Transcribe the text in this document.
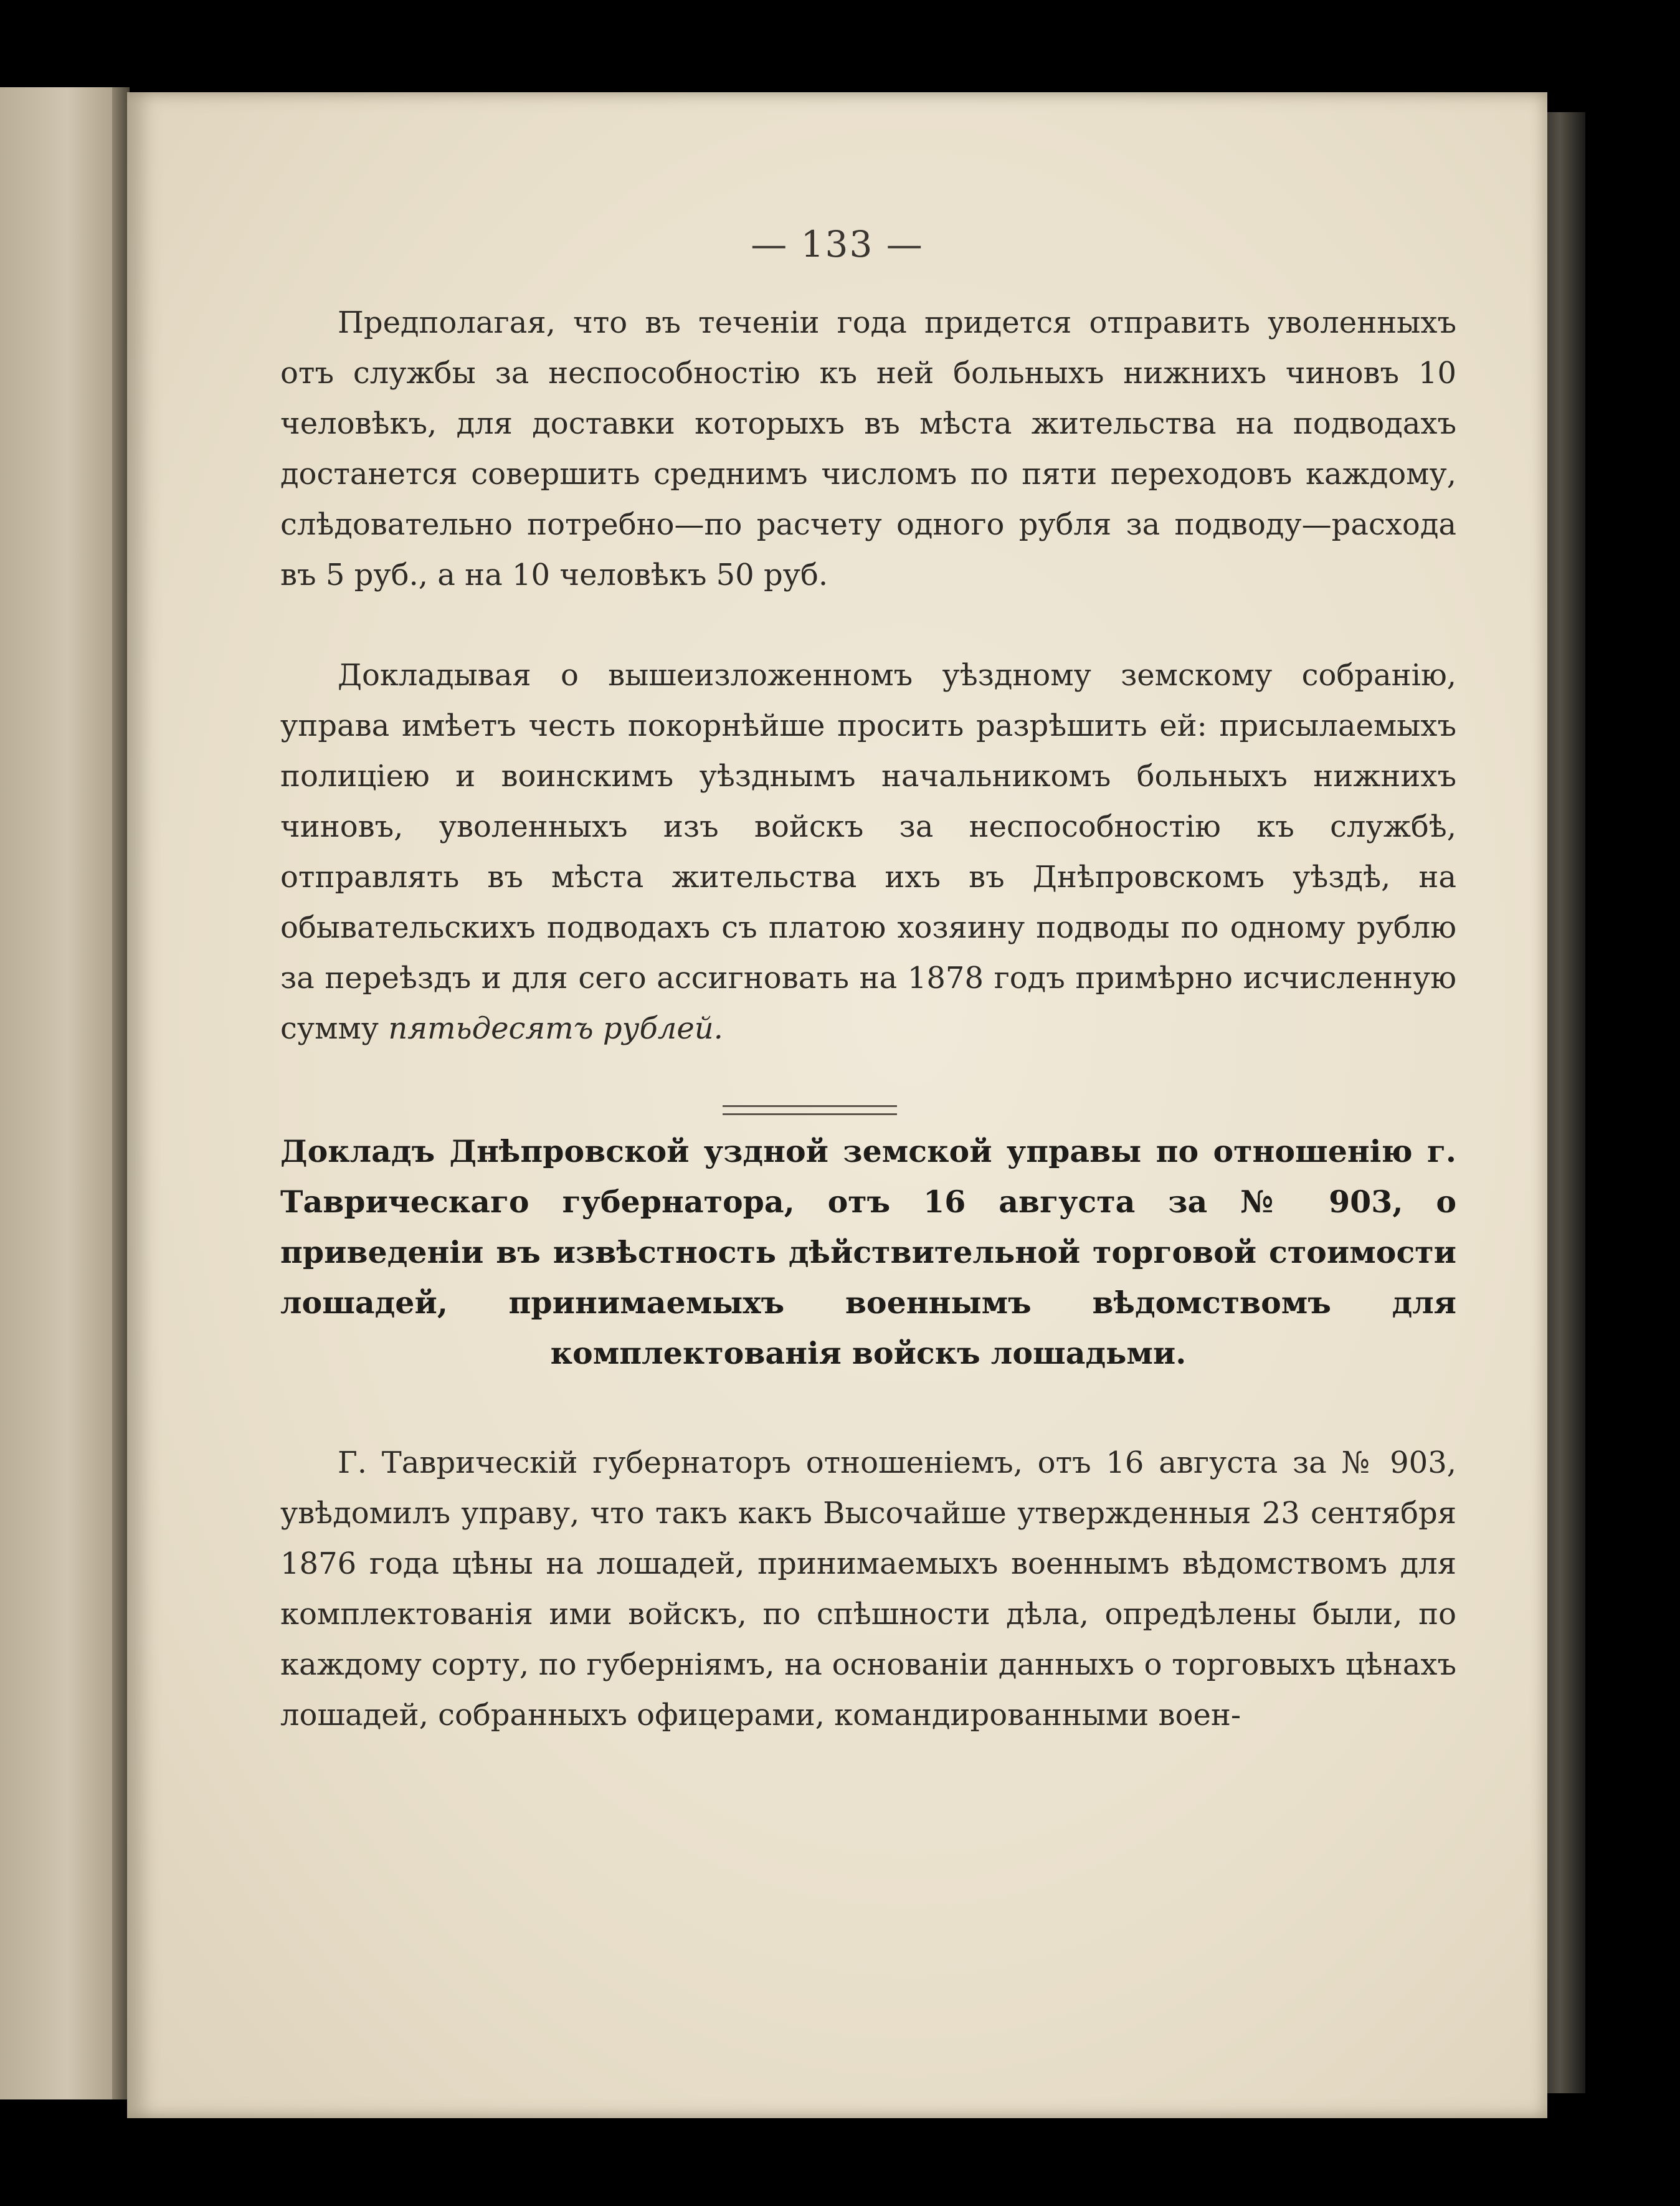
— 133 —
Предполагая, что въ теченіи года придется отправить уволенныхъ отъ службы за неспособностію къ ней больныхъ нижнихъ чиновъ 10 человѣкъ, для доставки которыхъ въ мѣста жительства на подводахъ достанется совершить среднимъ числомъ по пяти переходовъ каждому, слѣдовательно потребно—по расчету одного рубля за подводу—расхода въ 5 руб., а на 10 человѣкъ 50 руб.
Докладывая о вышеизложенномъ уѣздному земскому собранію, управа имѣетъ честь покорнѣйше просить разрѣшить ей: присылаемыхъ полиціею и воинскимъ уѣзднымъ начальникомъ больныхъ нижнихъ чиновъ, уволенныхъ изъ войскъ за неспособностію къ службѣ, отправлять въ мѣста жительства ихъ въ Днѣпровскомъ уѣздѣ, на обывательскихъ подводахъ съ платою хозяину подводы по одному рублю за переѣздъ и для сего ассигновать на 1878 годъ примѣрно исчисленную сумму пятьдесятъ рублей.
Докладъ Днѣпровской уздной земской управы по отношенію г. Таврическаго губернатора, отъ 16 августа за № 903, о приведеніи въ извѣстность дѣйствительной торговой стоимости лошадей, принимаемыхъ военнымъ вѣдомствомъ для комплектованія войскъ лошадьми.
Г. Таврическій губернаторъ отношеніемъ, отъ 16 августа за № 903, увѣдомилъ управу, что такъ какъ Высочайше утвержденныя 23 сентября 1876 года цѣны на лошадей, принимаемыхъ военнымъ вѣдомствомъ для комплектованія ими войскъ, по спѣшности дѣла, опредѣлены были, по каждому сорту, по губерніямъ, на основаніи данныхъ о торговыхъ цѣнахъ лошадей, собранныхъ офицерами, командированными воен-
